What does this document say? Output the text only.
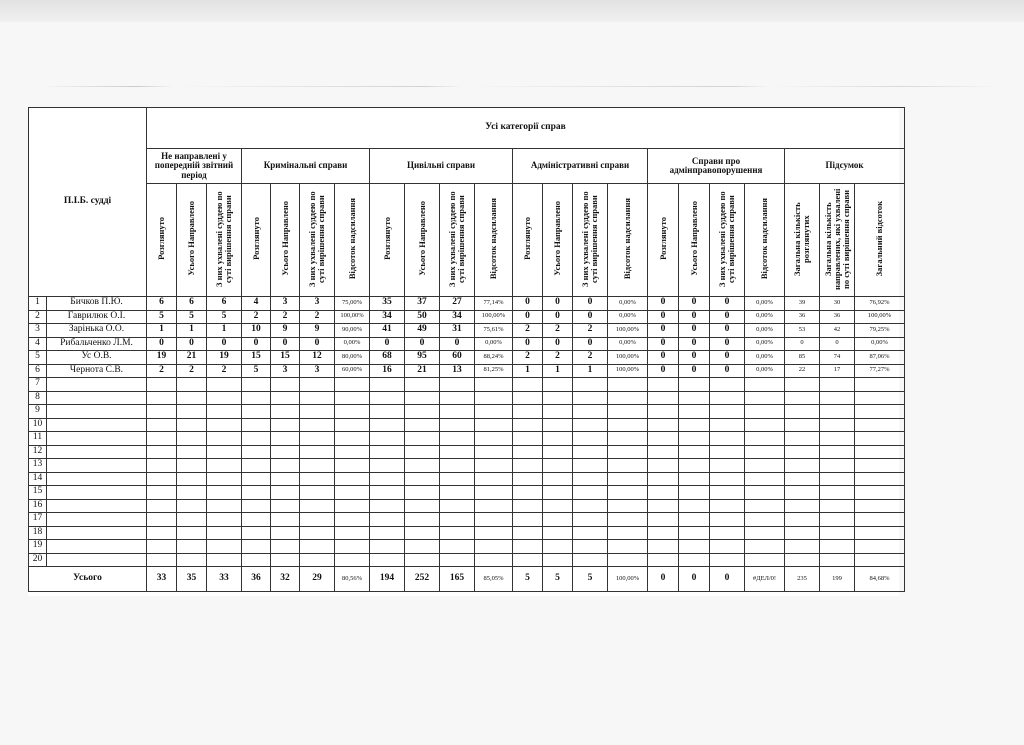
П.І.Б. судді		Усі категорії справ																					
		Не направлені у попередній звітний період			Кримінальні справи				Цивільні справи				Адміністративні справи				Справи про адмінправопорушення				Підсумок		
		Розглянуто	Усього Направлено	З них ухвалені суддею по суті вирішення справи	Розглянуто	Усього Направлено	З них ухвалені суддею по суті вирішення справи	Відсоток надсилання	Розглянуто	Усього Направлено	З них ухвалені суддею по суті вирішення справи	Відсоток надсилання	Розглянуто	Усього Направлено	З них ухвалені суддею по суті вирішення справи	Відсоток надсилання	Розглянуто	Усього Направлено	З них ухвалені суддею по суті вирішення справи	Відсоток надсилання	Загальна кількість розглянутих	Загальна кількість направлених, які ухвалені по суті вирішення справи	Загальний відсоток
1	Бичков П.Ю.	6	6	6	4	3	3	75,00%	35	37	27	77,14%	0	0	0	0,00%	0	0	0	0,00%	39	30	76,92%
2	Гаврилюк О.І.	5	5	5	2	2	2	100,00%	34	50	34	100,00%	0	0	0	0,00%	0	0	0	0,00%	36	36	100,00%
3	Зарінька О.О.	1	1	1	10	9	9	90,00%	41	49	31	75,61%	2	2	2	100,00%	0	0	0	0,00%	53	42	79,25%
4	Рибальченко Л.М.	0	0	0	0	0	0	0,00%	0	0	0	0,00%	0	0	0	0,00%	0	0	0	0,00%	0	0	0,00%
5	Ус О.В.	19	21	19	15	15	12	80,00%	68	95	60	88,24%	2	2	2	100,00%	0	0	0	0,00%	85	74	87,06%
6	Чернота С.В.	2	2	2	5	3	3	60,00%	16	21	13	81,25%	1	1	1	100,00%	0	0	0	0,00%	22	17	77,27%
7																							
8																							
9																							
10																							
11																							
12																							
13																							
14																							
15																							
16																							
17																							
18																							
19																							
20																							
Усього		33	35	33	36	32	29	80,56%	194	252	165	85,05%	5	5	5	100,00%	0	0	0	#ДЕЛ/0!	235	199	84,68%
